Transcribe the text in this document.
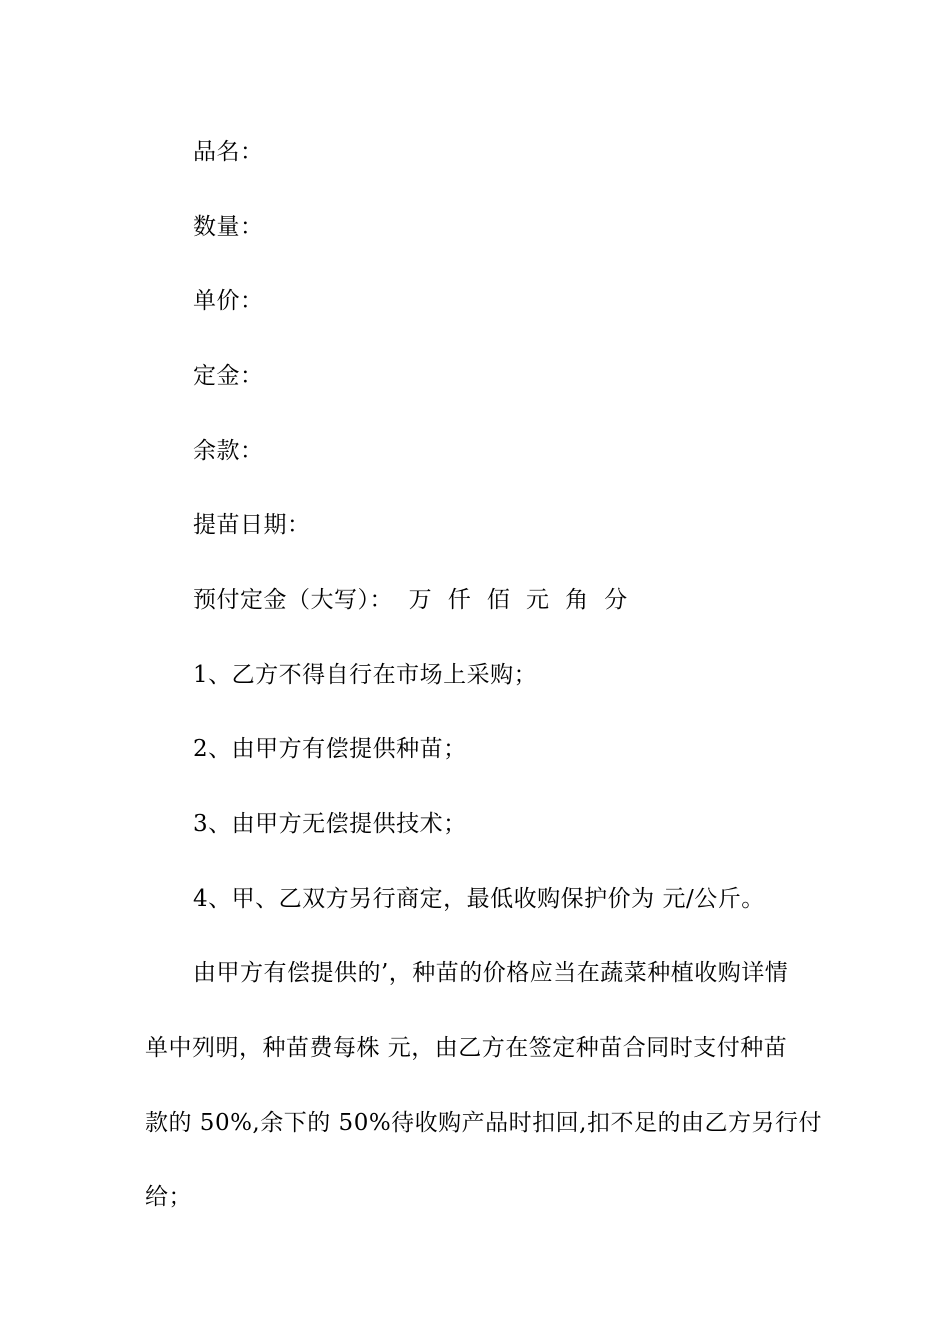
品名：
数量：
单价：
定金：
余款：
提苗日期：
预付定金（大写）：  万  仟  佰  元  角  分
1、乙方不得自行在市场上采购；
2、由甲方有偿提供种苗；
3、由甲方无偿提供技术；
4、甲、乙双方另行商定，最低收购保护价为 元/公斤。
由甲方有偿提供的’，种苗的价格应当在蔬菜种植收购详情
单中列明，种苗费每株 元，由乙方在签定种苗合同时支付种苗
款的 50%,余下的 50%待收购产品时扣回,扣不足的由乙方另行付
给；
